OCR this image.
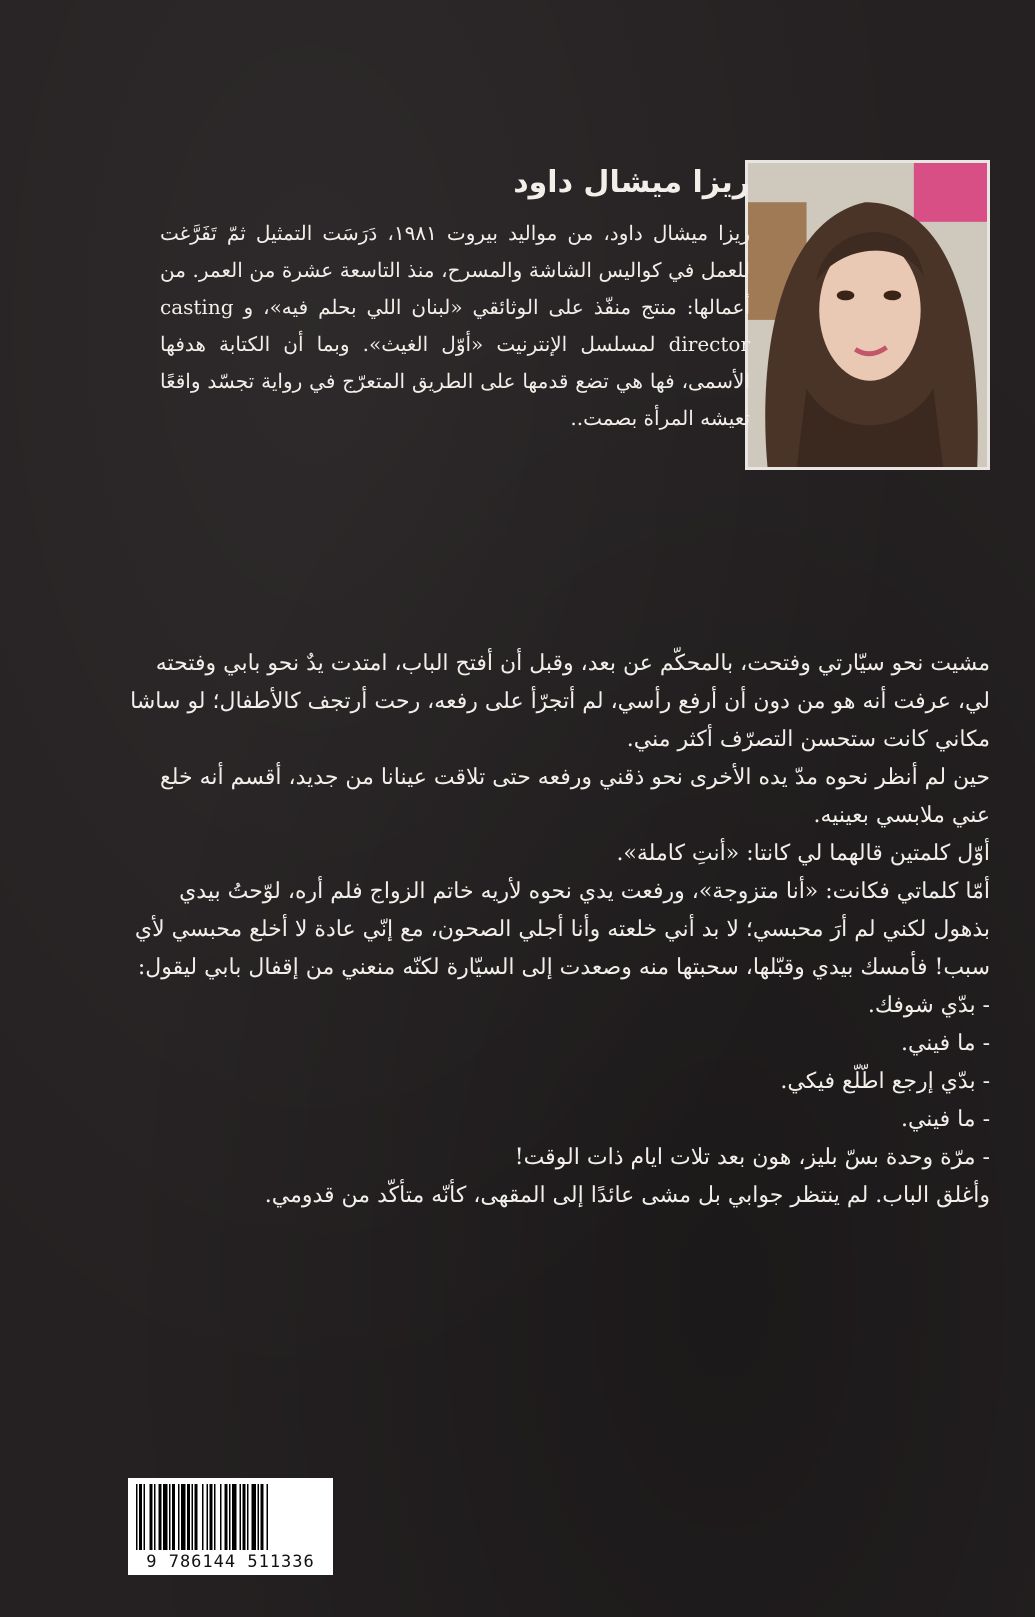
ريزا ميشال داود

ريزا ميشال داود، من مواليد بيروت ١٩٨١، دَرَسَت التمثيل ثمّ تَفَرَّغت للعمل في كواليس الشاشة والمسرح، منذ التاسعة عشرة من العمر. من أعمالها: منتج منفّذ على الوثائقي «لبنان اللي بحلم فيه»، و casting director لمسلسل الإنترنيت «أوّل الغيث». وبما أن الكتابة هدفها الأسمى، فها هي تضع قدمها على الطريق المتعرّج في رواية تجسّد واقعًا تعيشه المرأة بصمت..

مشيت نحو سيّارتي وفتحت، بالمحكّم عن بعد، وقبل أن أفتح الباب، امتدت يدٌ نحو بابي وفتحته لي، عرفت أنه هو من دون أن أرفع رأسي، لم أتجرّأ على رفعه، رحت أرتجف كالأطفال؛ لو ساشا مكاني كانت ستحسن التصرّف أكثر مني.

حين لم أنظر نحوه مدّ يده الأخرى نحو ذقني ورفعه حتى تلاقت عينانا من جديد، أقسم أنه خلع عني ملابسي بعينيه.

أوّل كلمتين قالهما لي كانتا: «أنتِ كاملة».

أمّا كلماتي فكانت: «أنا متزوجة»، ورفعت يدي نحوه لأريه خاتم الزواج فلم أره، لوّحتُ بيدي بذهول لكني لم أرَ محبسي؛ لا بد أني خلعته وأنا أجلي الصحون، مع إنّي عادة لا أخلع محبسي لأي سبب! فأمسك بيدي وقبّلها، سحبتها منه وصعدت إلى السيّارة لكنّه منعني من إقفال بابي ليقول:

- بدّي شوفك.

- ما فيني.

- بدّي إرجع اطّلّع فيكي.

- ما فيني.

- مرّة وحدة بسّ بليز، هون بعد تلات ايام ذات الوقت!

وأغلق الباب. لم ينتظر جوابي بل مشى عائدًا إلى المقهى، كأنّه متأكّد من قدومي.

9 786144 511336
